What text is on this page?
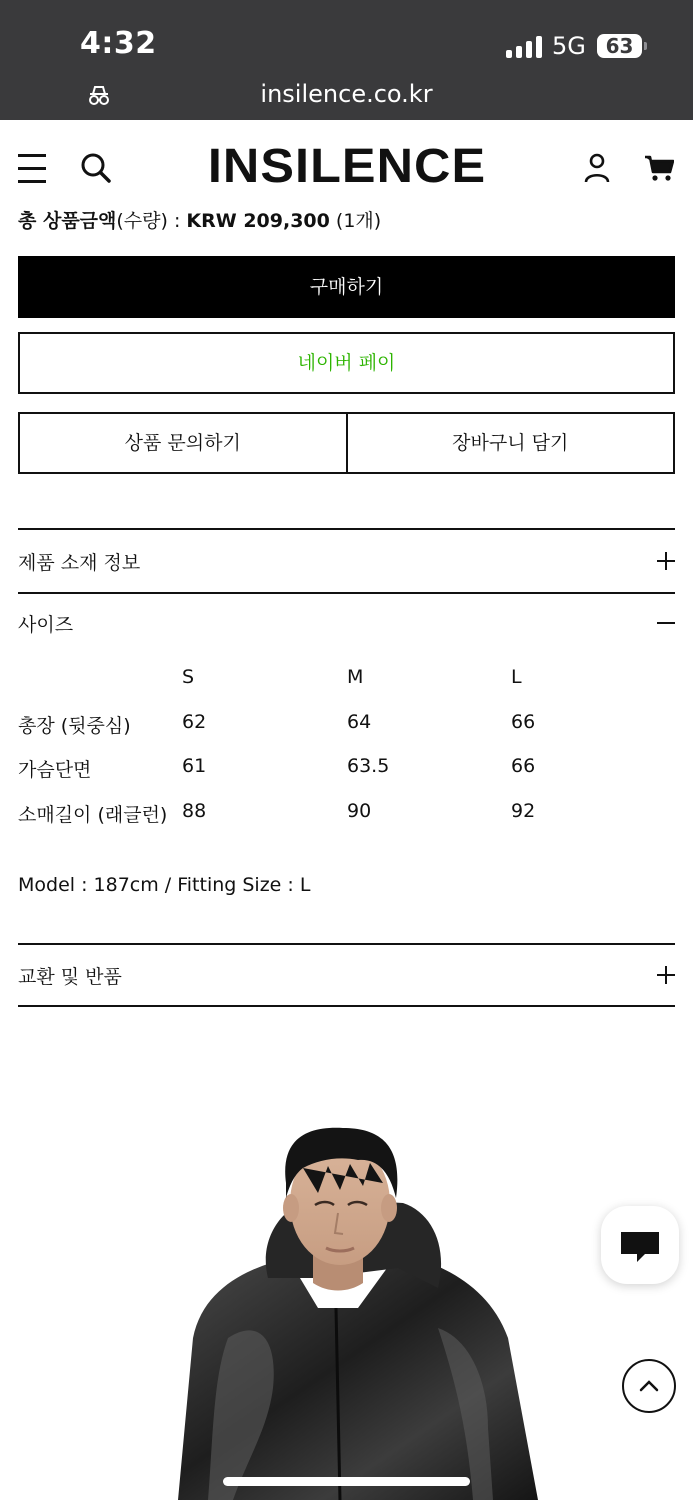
4:32	5G 63
insilence.co.kr
INSILENCE
총 상품금액(수량) : KRW 209,300 (1개)
구매하기
네이버 페이
상품 문의하기	장바구니 담기
제품 소재 정보
사이즈
S	M	L
총장 (뒷중심)	62	64	66
가슴단면	61	63.5	66
소매길이 (래글런) 88	90	92
Model : 187cm / Fitting Size : L
교환 및 반품
